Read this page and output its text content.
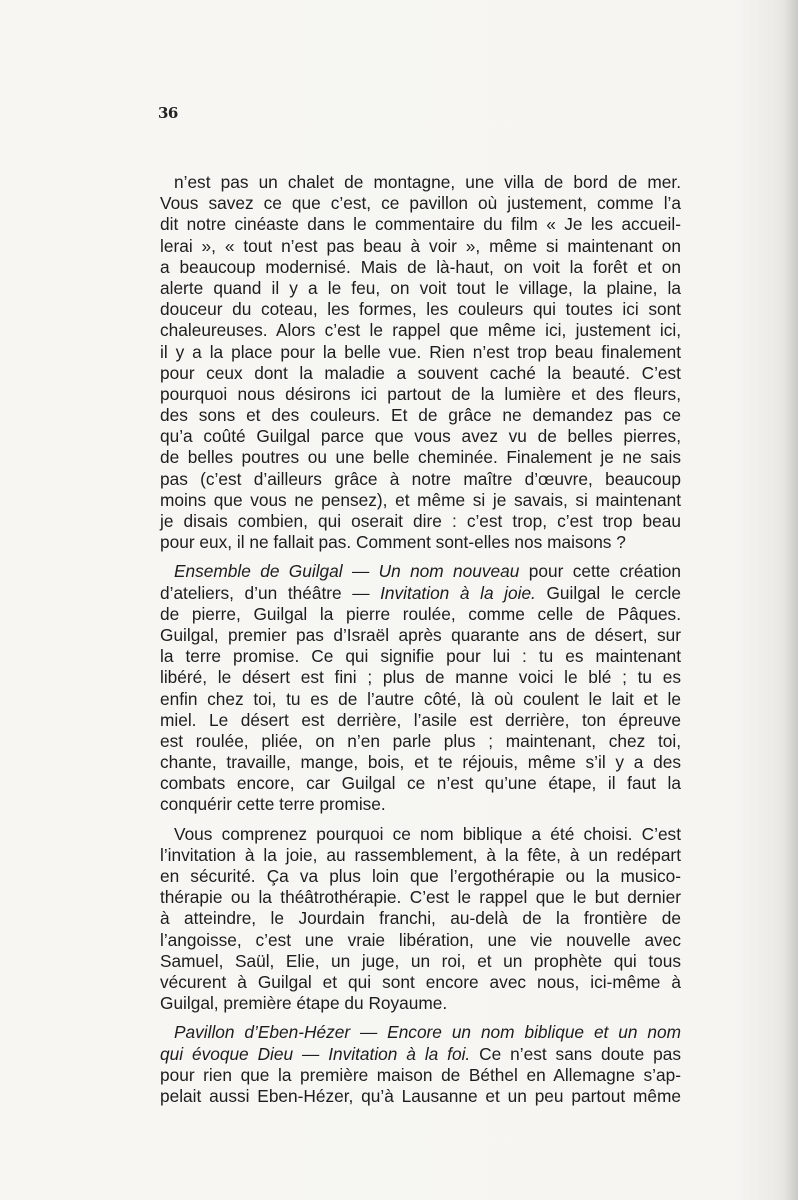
36

n’est pas un chalet de montagne, une villa de bord de mer.
Vous savez ce que c’est, ce pavillon où justement, comme l’a
dit notre cinéaste dans le commentaire du film « Je les accueil-
lerai », « tout n’est pas beau à voir », même si maintenant on
a beaucoup modernisé. Mais de là-haut, on voit la forêt et on
alerte quand il y a le feu, on voit tout le village, la plaine, la
douceur du coteau, les formes, les couleurs qui toutes ici sont
chaleureuses. Alors c’est le rappel que même ici, justement ici,
il y a la place pour la belle vue. Rien n’est trop beau finalement
pour ceux dont la maladie a souvent caché la beauté. C’est
pourquoi nous désirons ici partout de la lumière et des fleurs,
des sons et des couleurs. Et de grâce ne demandez pas ce
qu’a coûté Guilgal parce que vous avez vu de belles pierres,
de belles poutres ou une belle cheminée. Finalement je ne sais
pas (c’est d’ailleurs grâce à notre maître d’œuvre, beaucoup
moins que vous ne pensez), et même si je savais, si maintenant
je disais combien, qui oserait dire : c’est trop, c’est trop beau
pour eux, il ne fallait pas. Comment sont-elles nos maisons ?

Ensemble de Guilgal — Un nom nouveau pour cette création
d’ateliers, d’un théâtre — Invitation à la joie. Guilgal le cercle
de pierre, Guilgal la pierre roulée, comme celle de Pâques.
Guilgal, premier pas d’Israël après quarante ans de désert, sur
la terre promise. Ce qui signifie pour lui : tu es maintenant
libéré, le désert est fini ; plus de manne voici le blé ; tu es
enfin chez toi, tu es de l’autre côté, là où coulent le lait et le
miel. Le désert est derrière, l’asile est derrière, ton épreuve
est roulée, pliée, on n’en parle plus ; maintenant, chez toi,
chante, travaille, mange, bois, et te réjouis, même s’il y a des
combats encore, car Guilgal ce n’est qu’une étape, il faut la
conquérir cette terre promise.

Vous comprenez pourquoi ce nom biblique a été choisi. C’est
l’invitation à la joie, au rassemblement, à la fête, à un redépart
en sécurité. Ça va plus loin que l’ergothérapie ou la musico-
thérapie ou la théâtrothérapie. C’est le rappel que le but dernier
à atteindre, le Jourdain franchi, au-delà de la frontière de
l’angoisse, c’est une vraie libération, une vie nouvelle avec
Samuel, Saül, Elie, un juge, un roi, et un prophète qui tous
vécurent à Guilgal et qui sont encore avec nous, ici-même à
Guilgal, première étape du Royaume.

Pavillon d’Eben-Hézer — Encore un nom biblique et un nom
qui évoque Dieu — Invitation à la foi. Ce n’est sans doute pas
pour rien que la première maison de Béthel en Allemagne s’ap-
pelait aussi Eben-Hézer, qu’à Lausanne et un peu partout même
